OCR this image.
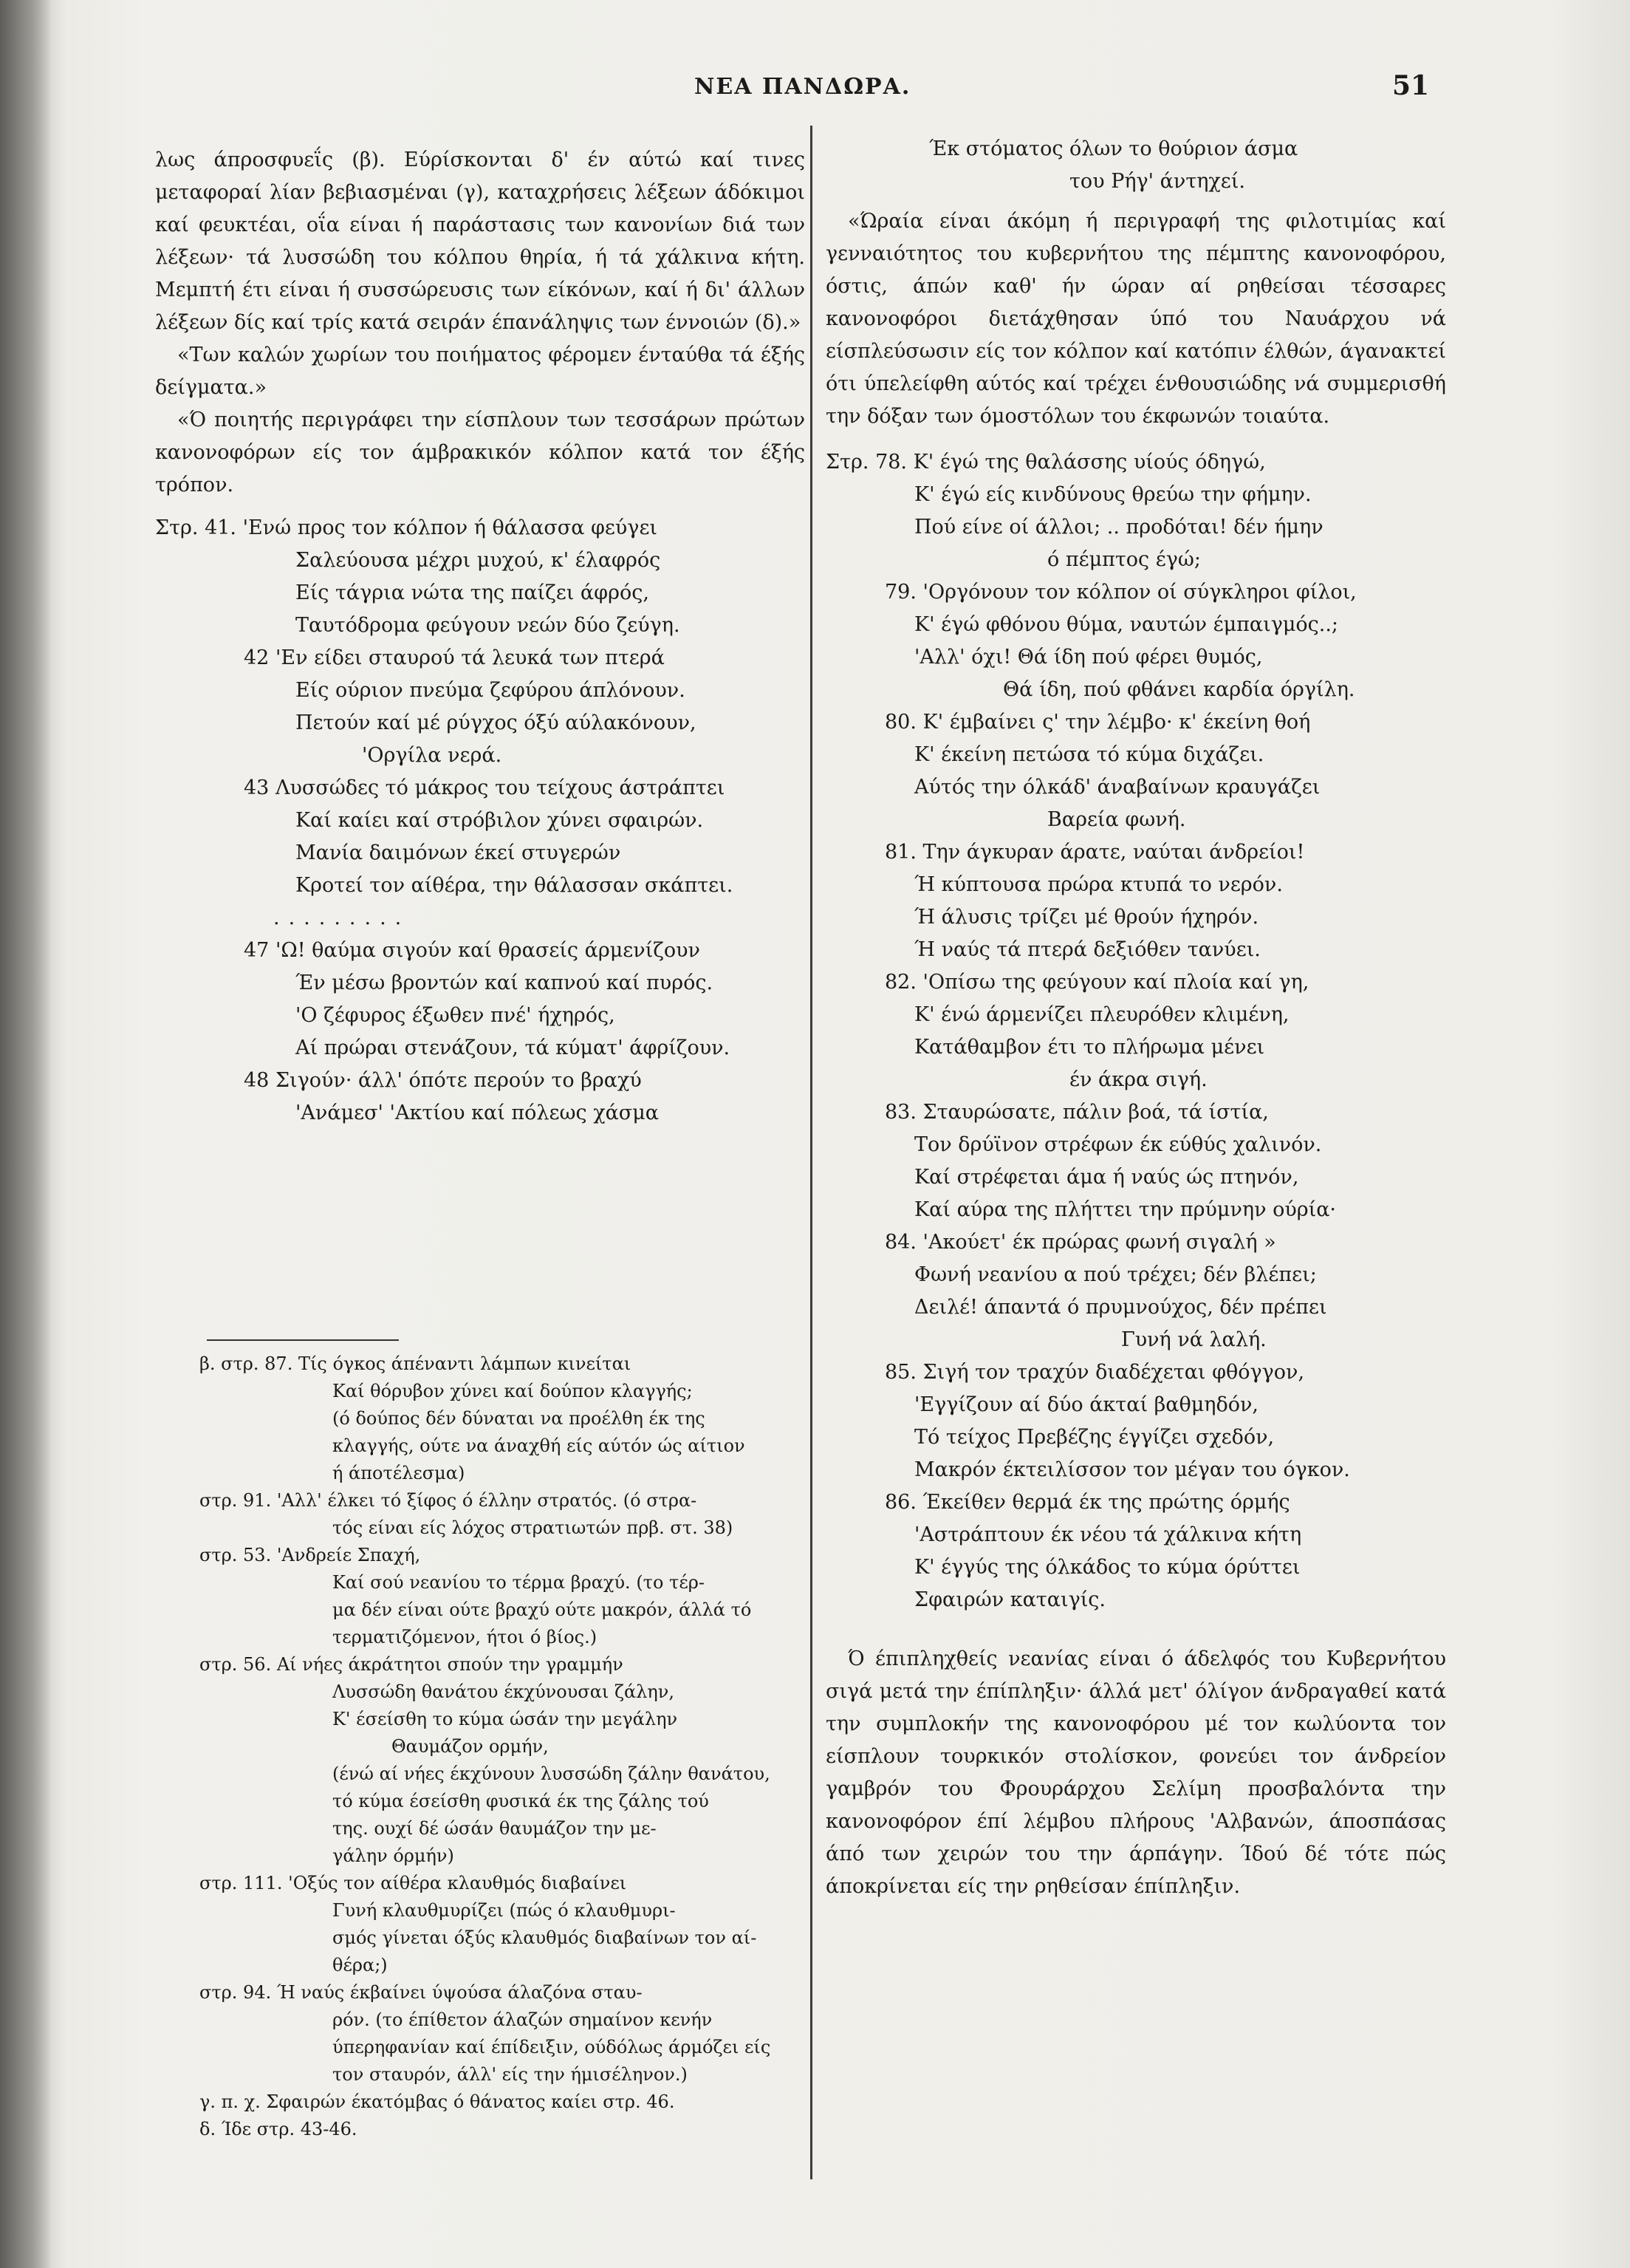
ΝΕΑ ΠΑΝΔΩΡΑ.	51

λως άπροσφυεΐς (β). Εύρίσκονται δ' έν αύτώ καί τινες μεταφοραί λίαν βεβιασμέναι (γ), καταχρήσεις λέξεων άδόκιμοι καί φευκτέαι, οΐα είναι ή παράστασις των κανονίων διά των λέξεων· τά λυσσώδη του κόλπου θηρία, ή τά χάλκινα κήτη. Μεμπτή έτι είναι ή συσσώρευσις των είκόνων, καί ή δι' άλλων λέξεων δίς καί τρίς κατά σειράν έπανάληψις των έννοιών (δ).»

«Των καλών χωρίων του ποιήματος φέρομεν ένταύθα τά έξής δείγματα.»

«Ό ποιητής περιγράφει την είσπλουν των τεσσάρων πρώτων κανονοφόρων είς τον άμβρακικόν κόλπον κατά τον έξής τρόπον.

Στρ. 41. 'Ενώ προς τον κόλπον ή θάλασσα φεύγει
Σαλεύουσα μέχρι μυχού, κ' έλαφρός
Είς τάγρια νώτα της παίζει άφρός,
Ταυτόδρομα φεύγουν νεών δύο ζεύγη.
42 'Εν είδει σταυρού τά λευκά των πτερά
Είς ούριον πνεύμα ζεφύρου άπλόνουν.
Πετούν καί μέ ρύγχος όξύ αύλακόνουν,
'Οργίλα νερά.
43 Λυσσώδες τό μάκρος του τείχους άστράπτει
Καί καίει καί στρόβιλον χύνει σφαιρών.
Μανία δαιμόνων έκεί στυγερών
Κροτεί τον αίθέρα, την θάλασσαν σκάπτει.
.........
47 'Ω! θαύμα σιγούν καί θρασείς άρμενίζουν
Έν μέσω βροντών καί καπνού καί πυρός.
'Ο ζέφυρος έξωθεν πνέ' ήχηρός,
Αί πρώραι στενάζουν, τά κύματ' άφρίζουν.
48 Σιγούν· άλλ' όπότε περούν το βραχύ
'Ανάμεσ' 'Ακτίου καί πόλεως χάσμα
β. στρ. 87. Τίς όγκος άπέναντι λάμπων κινείται
Καί θόρυβον χύνει καί δούπον κλαγγής;
(ό δούπος δέν δύναται να προέλθη έκ της
κλαγγής, ούτε να άναχθή είς αύτόν ώς αίτιον
ή άποτέλεσμα)
στρ. 91. 'Αλλ' έλκει τό ξίφος ό έλλην στρατός. (ό στρα-
τός είναι είς λόχος στρατιωτών πρβ. στ. 38)
στρ. 53. 'Ανδρείε Σπαχή,
Καί σού νεανίου το τέρμα βραχύ. (το τέρ-
μα δέν είναι ούτε βραχύ ούτε μακρόν, άλλά τό
τερματιζόμενον, ήτοι ό βίος.)
στρ. 56. Αί νήες άκράτητοι σπούν την γραμμήν
Λυσσώδη θανάτου έκχύνουσαι ζάλην,
Κ' έσείσθη το κύμα ώσάν την μεγάλην
Θαυμάζον ορμήν,
(ένώ αί νήες έκχύνουν λυσσώδη ζάλην θανάτου,
τό κύμα έσείσθη φυσικά έκ της ζάλης τού
της. ουχί δέ ώσάν θαυμάζον την με-
γάλην όρμήν)
στρ. 111. 'Οξύς τον αίθέρα κλαυθμός διαβαίνει
Γυνή κλαυθμυρίζει (πώς ό κλαυθμυρι-
σμός γίνεται όξύς κλαυθμός διαβαίνων τον αί-
θέρα;)
στρ. 94. Ή ναύς έκβαίνει ύψούσα άλαζόνα σταυ-
ρόν. (το έπίθετον άλαζών σημαίνον κενήν
ύπερηφανίαν καί έπίδειξιν, ούδόλως άρμόζει είς
τον σταυρόν, άλλ' είς την ήμισέληνον.)
γ. π. χ. Σφαιρών έκατόμβας ό θάνατος καίει στρ. 46.
δ. Ίδε στρ. 43-46.
Έκ στόματος όλων το θούριον άσμα
του Ρήγ' άντηχεί.

«Ώραία είναι άκόμη ή περιγραφή της φιλοτιμίας καί γενναιότητος του κυβερνήτου της πέμπτης κανονοφόρου, όστις, άπών καθ' ήν ώραν αί ρηθείσαι τέσσαρες κανονοφόροι διετάχθησαν ύπό του Ναυάρχου νά είσπλεύσωσιν είς τον κόλπον καί κατόπιν έλθών, άγανακτεί ότι ύπελείφθη αύτός καί τρέχει ένθουσιώδης νά συμμερισθή την δόξαν των όμοστόλων του έκφωνών τοιαύτα.

Στρ. 78. Κ' έγώ της θαλάσσης υίούς όδηγώ,
Κ' έγώ είς κινδύνους θρεύω την φήμην.
Πού είνε οί άλλοι; .. προδόται! δέν ήμην
ό πέμπτος έγώ;
79. 'Οργόνουν τον κόλπον οί σύγκληροι φίλοι,
Κ' έγώ φθόνου θύμα, ναυτών έμπαιγμός..;
'Αλλ' όχι! Θά ίδη πού φέρει θυμός,
Θά ίδη, πού φθάνει καρδία όργίλη.
80. Κ' έμβαίνει ς' την λέμβο· κ' έκείνη θοή
Κ' έκείνη πετώσα τό κύμα διχάζει.
Αύτός την όλκάδ' άναβαίνων κραυγάζει
Βαρεία φωνή.
81. Την άγκυραν άρατε, ναύται άνδρείοι!
Ή κύπτουσα πρώρα κτυπά το νερόν.
Ή άλυσις τρίζει μέ θρούν ήχηρόν.
Ή ναύς τά πτερά δεξιόθεν τανύει.
82. 'Οπίσω της φεύγουν καί πλοία καί γη,
Κ' ένώ άρμενίζει πλευρόθεν κλιμένη,
Κατάθαμβον έτι το πλήρωμα μένει
έν άκρα σιγή.
83. Σταυρώσατε, πάλιν βοά, τά ίστία,
Τον δρύϊνον στρέφων έκ εύθύς χαλινόν.
Καί στρέφεται άμα ή ναύς ώς πτηνόν,
Καί αύρα της πλήττει την πρύμνην ούρία·
84. 'Ακούετ' έκ πρώρας φωνή σιγαλή »
Φωνή νεανίου α πού τρέχει; δέν βλέπει;
Δειλέ! άπαντά ό πρυμνούχος, δέν πρέπει
Γυνή νά λαλή.
85. Σιγή τον τραχύν διαδέχεται φθόγγον,
'Εγγίζουν αί δύο άκταί βαθμηδόν,
Τό τείχος Πρεβέζης έγγίζει σχεδόν,
Μακρόν έκτειλίσσον τον μέγαν του όγκον.
86. Έκείθεν θερμά έκ της πρώτης όρμής
'Αστράπτουν έκ νέου τά χάλκινα κήτη
Κ' έγγύς της όλκάδος το κύμα όρύττει
Σφαιρών καταιγίς.

Ό έπιπληχθείς νεανίας είναι ό άδελφός του Κυβερνήτου σιγά μετά την έπίπληξιν· άλλά μετ' όλίγον άνδραγαθεί κατά την συμπλοκήν της κανονοφόρου μέ τον κωλύοντα τον είσπλουν τουρκικόν στολίσκον, φονεύει τον άνδρείον γαμβρόν του Φρουράρχου Σελίμη προσβαλόντα την κανονοφόρον έπί λέμβου πλήρους 'Αλβανών, άποσπάσας άπό των χειρών του την άρπάγην. Ίδού δέ τότε πώς άποκρίνεται είς την ρηθείσαν έπίπληξιν.
